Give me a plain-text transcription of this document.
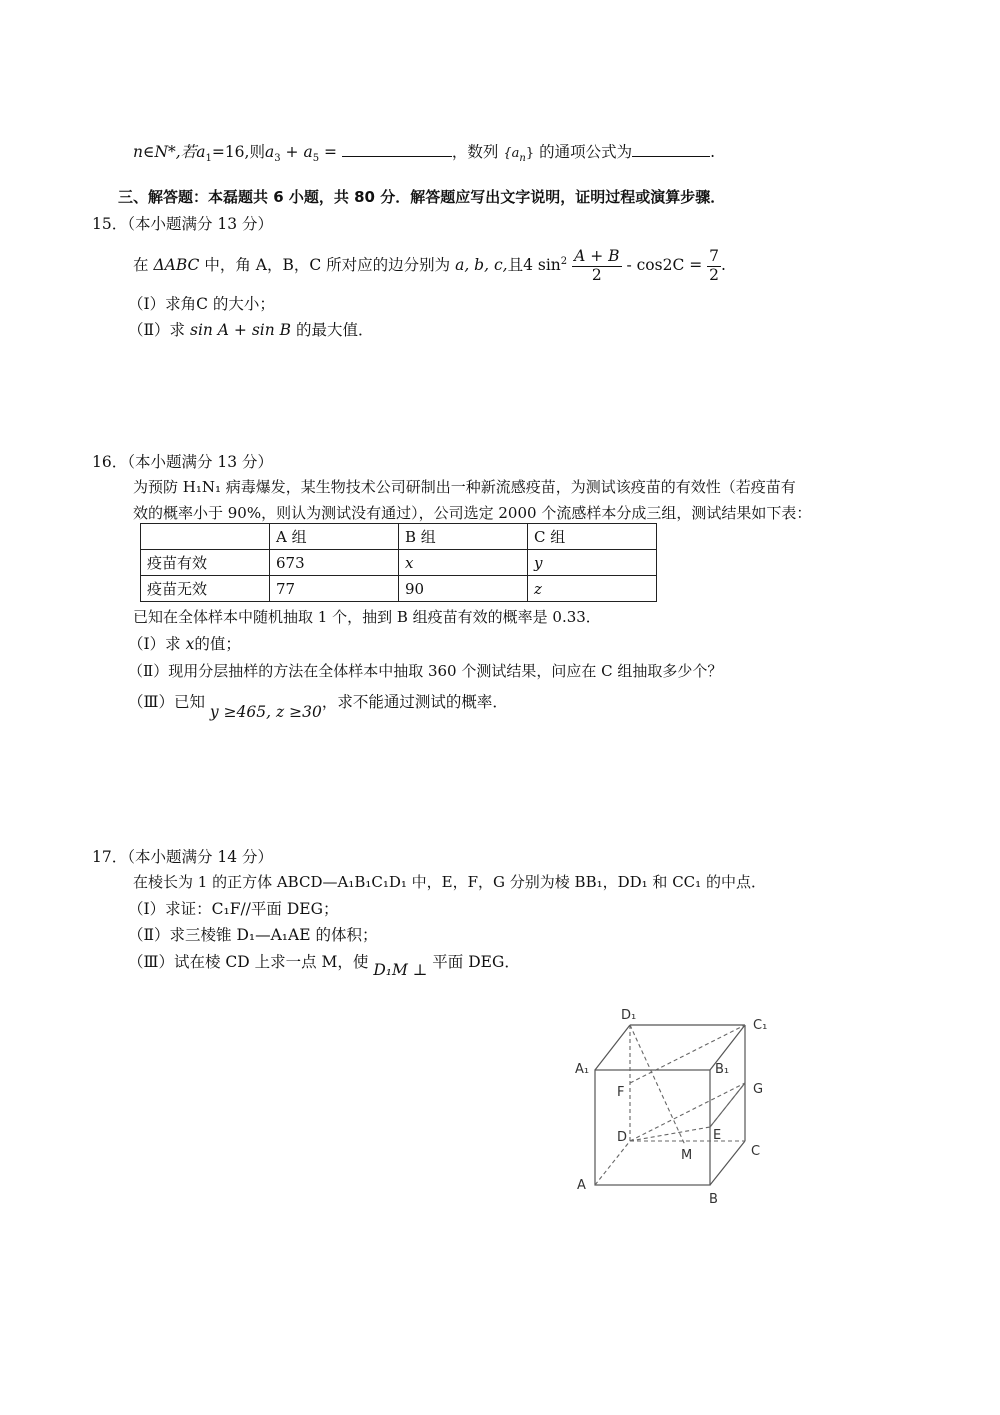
n∈N*,若$a_1=16$,则$a_3 + a_5$ =	，数列 $\{a_n\}$ 的通项公式为	.
三、解答题：本磊题共 6 小题，共 80 分．解答题应写出文字说明，证明过程或演算步骤．
15．（本小题满分 13 分）
在 ΔABC 中，角 A，B，C 所对应的边分别为 a, b, c,且4 $\sin^2 \frac{A + B}{2} - \cos 2C = \frac{7}{2}$ .
（Ⅰ）求角C 的大小；
（Ⅱ）求 sin A + sin B 的最大值．
16．（本小题满分 13 分）
为预防 H₁N₁ 病毒爆发，某生物技术公司研制出一种新流感疫苗，为测试该疫苗的有效性（若疫苗有
效的概率小于 90%，则认为测试没有通过），公司选定 2000 个流感样本分成三组，测试结果如下表：
	A 组	B 组	C 组
疫苗有效	673	x	y
疫苗无效	77	90	z
已知在全体样本中随机抽取 1 个，抽到 B 组疫苗有效的概率是 0.33．
（Ⅰ）求 x的值；
（Ⅱ）现用分层抽样的方法在全体样本中抽取 360 个测试结果，问应在 C 组抽取多少个？
（Ⅲ）已知 y ≥465, z ≥30，求不能通过测试的概率．
17．（本小题满分 14 分）
在棱长为 1 的正方体 ABCD—A₁B₁C₁D₁ 中，E，F，G 分别为棱 BB₁，DD₁ 和 CC₁ 的中点．
（Ⅰ）求证：C₁F//平面 DEG；
（Ⅱ）求三棱锥 D₁—A₁AE 的体积；
（Ⅲ）试在棱 CD 上求一点 M，使 D₁M ⊥ 平面 DEG．
D₁
C₁
A₁	B₁
F	G
D	E
M	C
A
B
